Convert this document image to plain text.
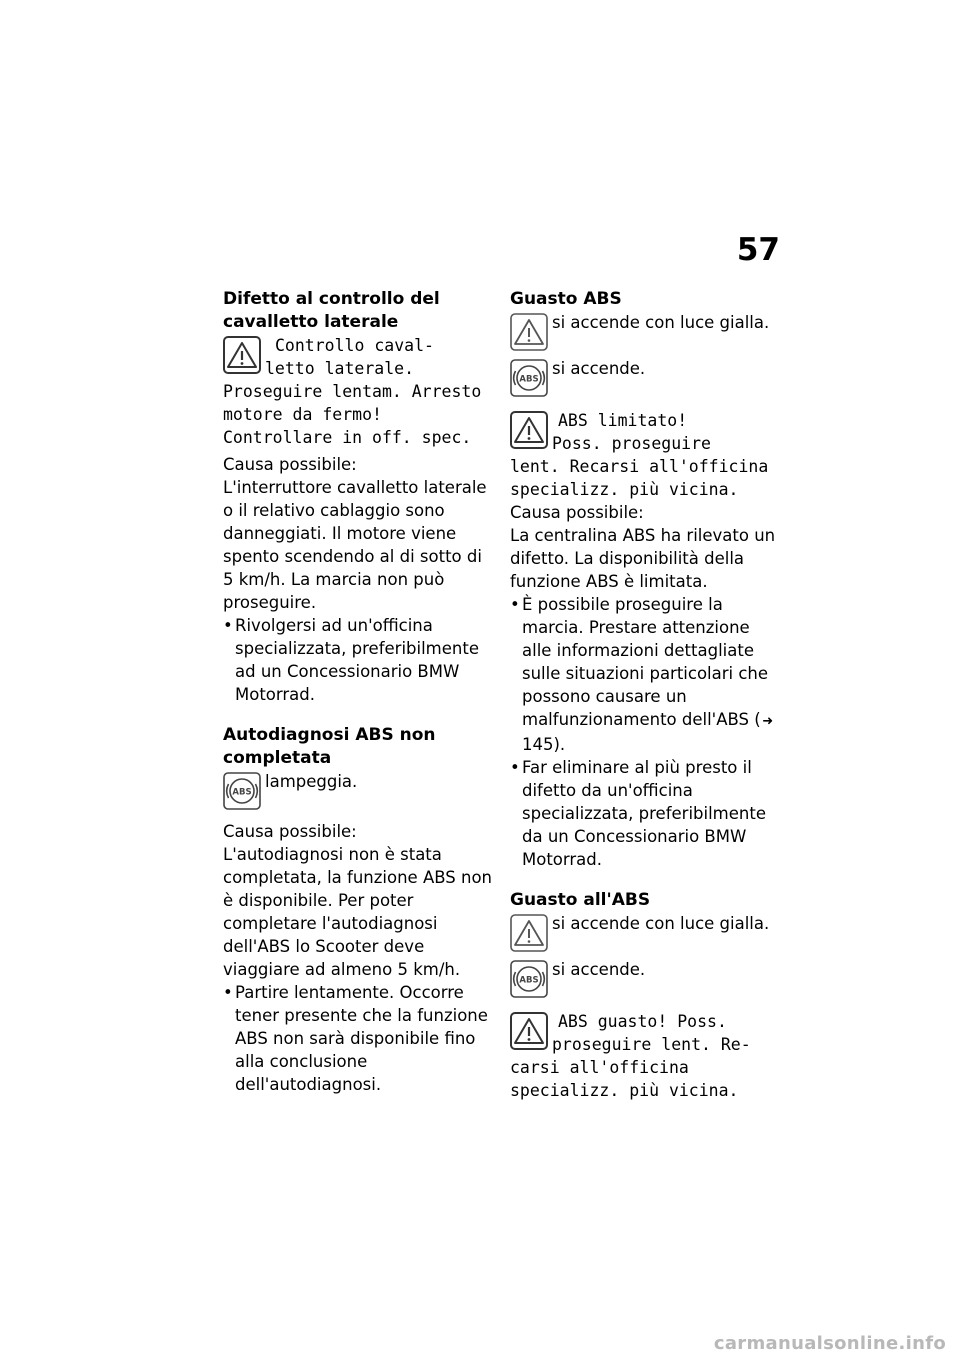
57

Difetto al controllo del cavalletto laterale

Controllo caval-

letto laterale.

Proseguire lentam. Arresto motore da fermo! Controllare in off. spec.

Causa possibile:

L'interruttore cavalletto laterale o il relativo cablaggio sono danneggiati. Il motore viene spento scendendo al di sotto di 5 km/h. La marcia non può proseguire.

• Rivolgersi ad un'officina specializzata, preferibilmente ad un Concessionario BMW Motorrad.

Autodiagnosi ABS non completata

ABS

lampeggia.

Causa possibile:

L'autodiagnosi non è stata completata, la funzione ABS non è disponibile. Per poter completare l'autodiagnosi dell'ABS lo Scooter deve viaggiare ad almeno 5 km/h.

• Partire lentamente. Occorre tener presente che la funzione ABS non sarà disponibile fino alla conclusione dell'autodiagnosi.

Guasto ABS

si accende con luce gialla.

ABS

si accende.

ABS limitato!

Poss. proseguire

lent. Recarsi all'officina specializz. più vicina.

Causa possibile:

La centralina ABS ha rilevato un difetto. La disponibilità della funzione ABS è limitata.

• È possibile proseguire la marcia. Prestare attenzione alle informazioni dettagliate sulle situazioni particolari che possono causare un malfunzionamento dell'ABS ( ➜ 145).
• Far eliminare al più presto il difetto da un'officina specializzata, preferibilmente da un Concessionario BMW Motorrad.

Guasto all'ABS

si accende con luce gialla.

ABS

si accende.

ABS guasto! Poss.

proseguire lent. Re-

carsi all'officina specializz. più vicina.

carmanualsonline.info
